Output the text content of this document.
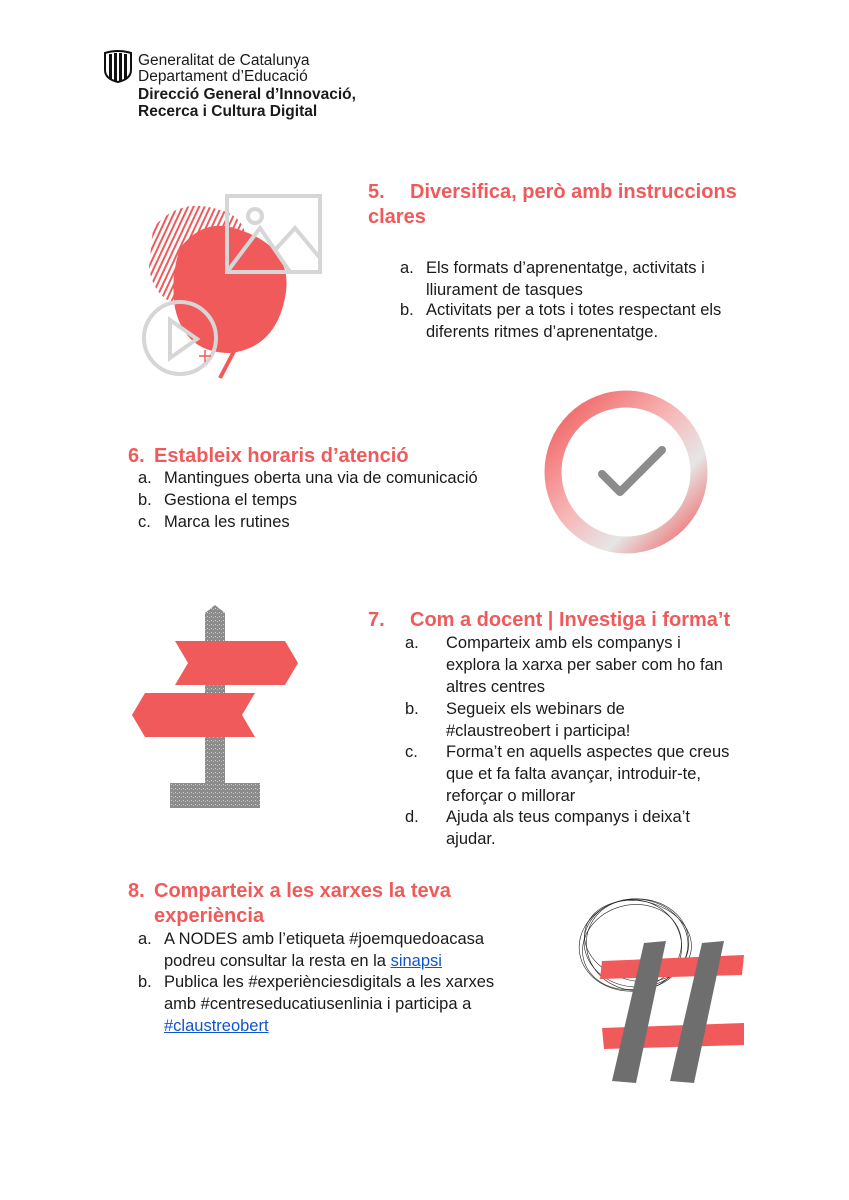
Generalitat de Catalunya
Departament d’Educació
Direcció General d’Innovació,
Recerca i Cultura Digital
5. Diversifica, però amb instruccions
clares
a. Els formats d’aprenentatge, activitats i
lliurament de tasques
b. Activitats per a tots i totes respectant els
diferents ritmes d’aprenentatge.
6. Estableix horaris d’atenció
a. Mantingues oberta una via de comunicació
b. Gestiona el temps
c. Marca les rutines
7. Com a docent | Investiga i forma’t
a. Comparteix amb els companys i
explora la xarxa per saber com ho fan
altres centres
b. Segueix els webinars de
#claustreobert i participa!
c. Forma’t en aquells aspectes que creus
que et fa falta avançar, introduir-te,
reforçar o millorar
d. Ajuda als teus companys i deixa’t
ajudar.
8. Comparteix a les xarxes la teva
experiència
a. A NODES amb l’etiqueta #joemquedoacasa
podreu consultar la resta en la sinapsi
b. Publica les #experiènciesdigitals a les xarxes
amb #centreseducatiusenlinia i participa a
#claustreobert
